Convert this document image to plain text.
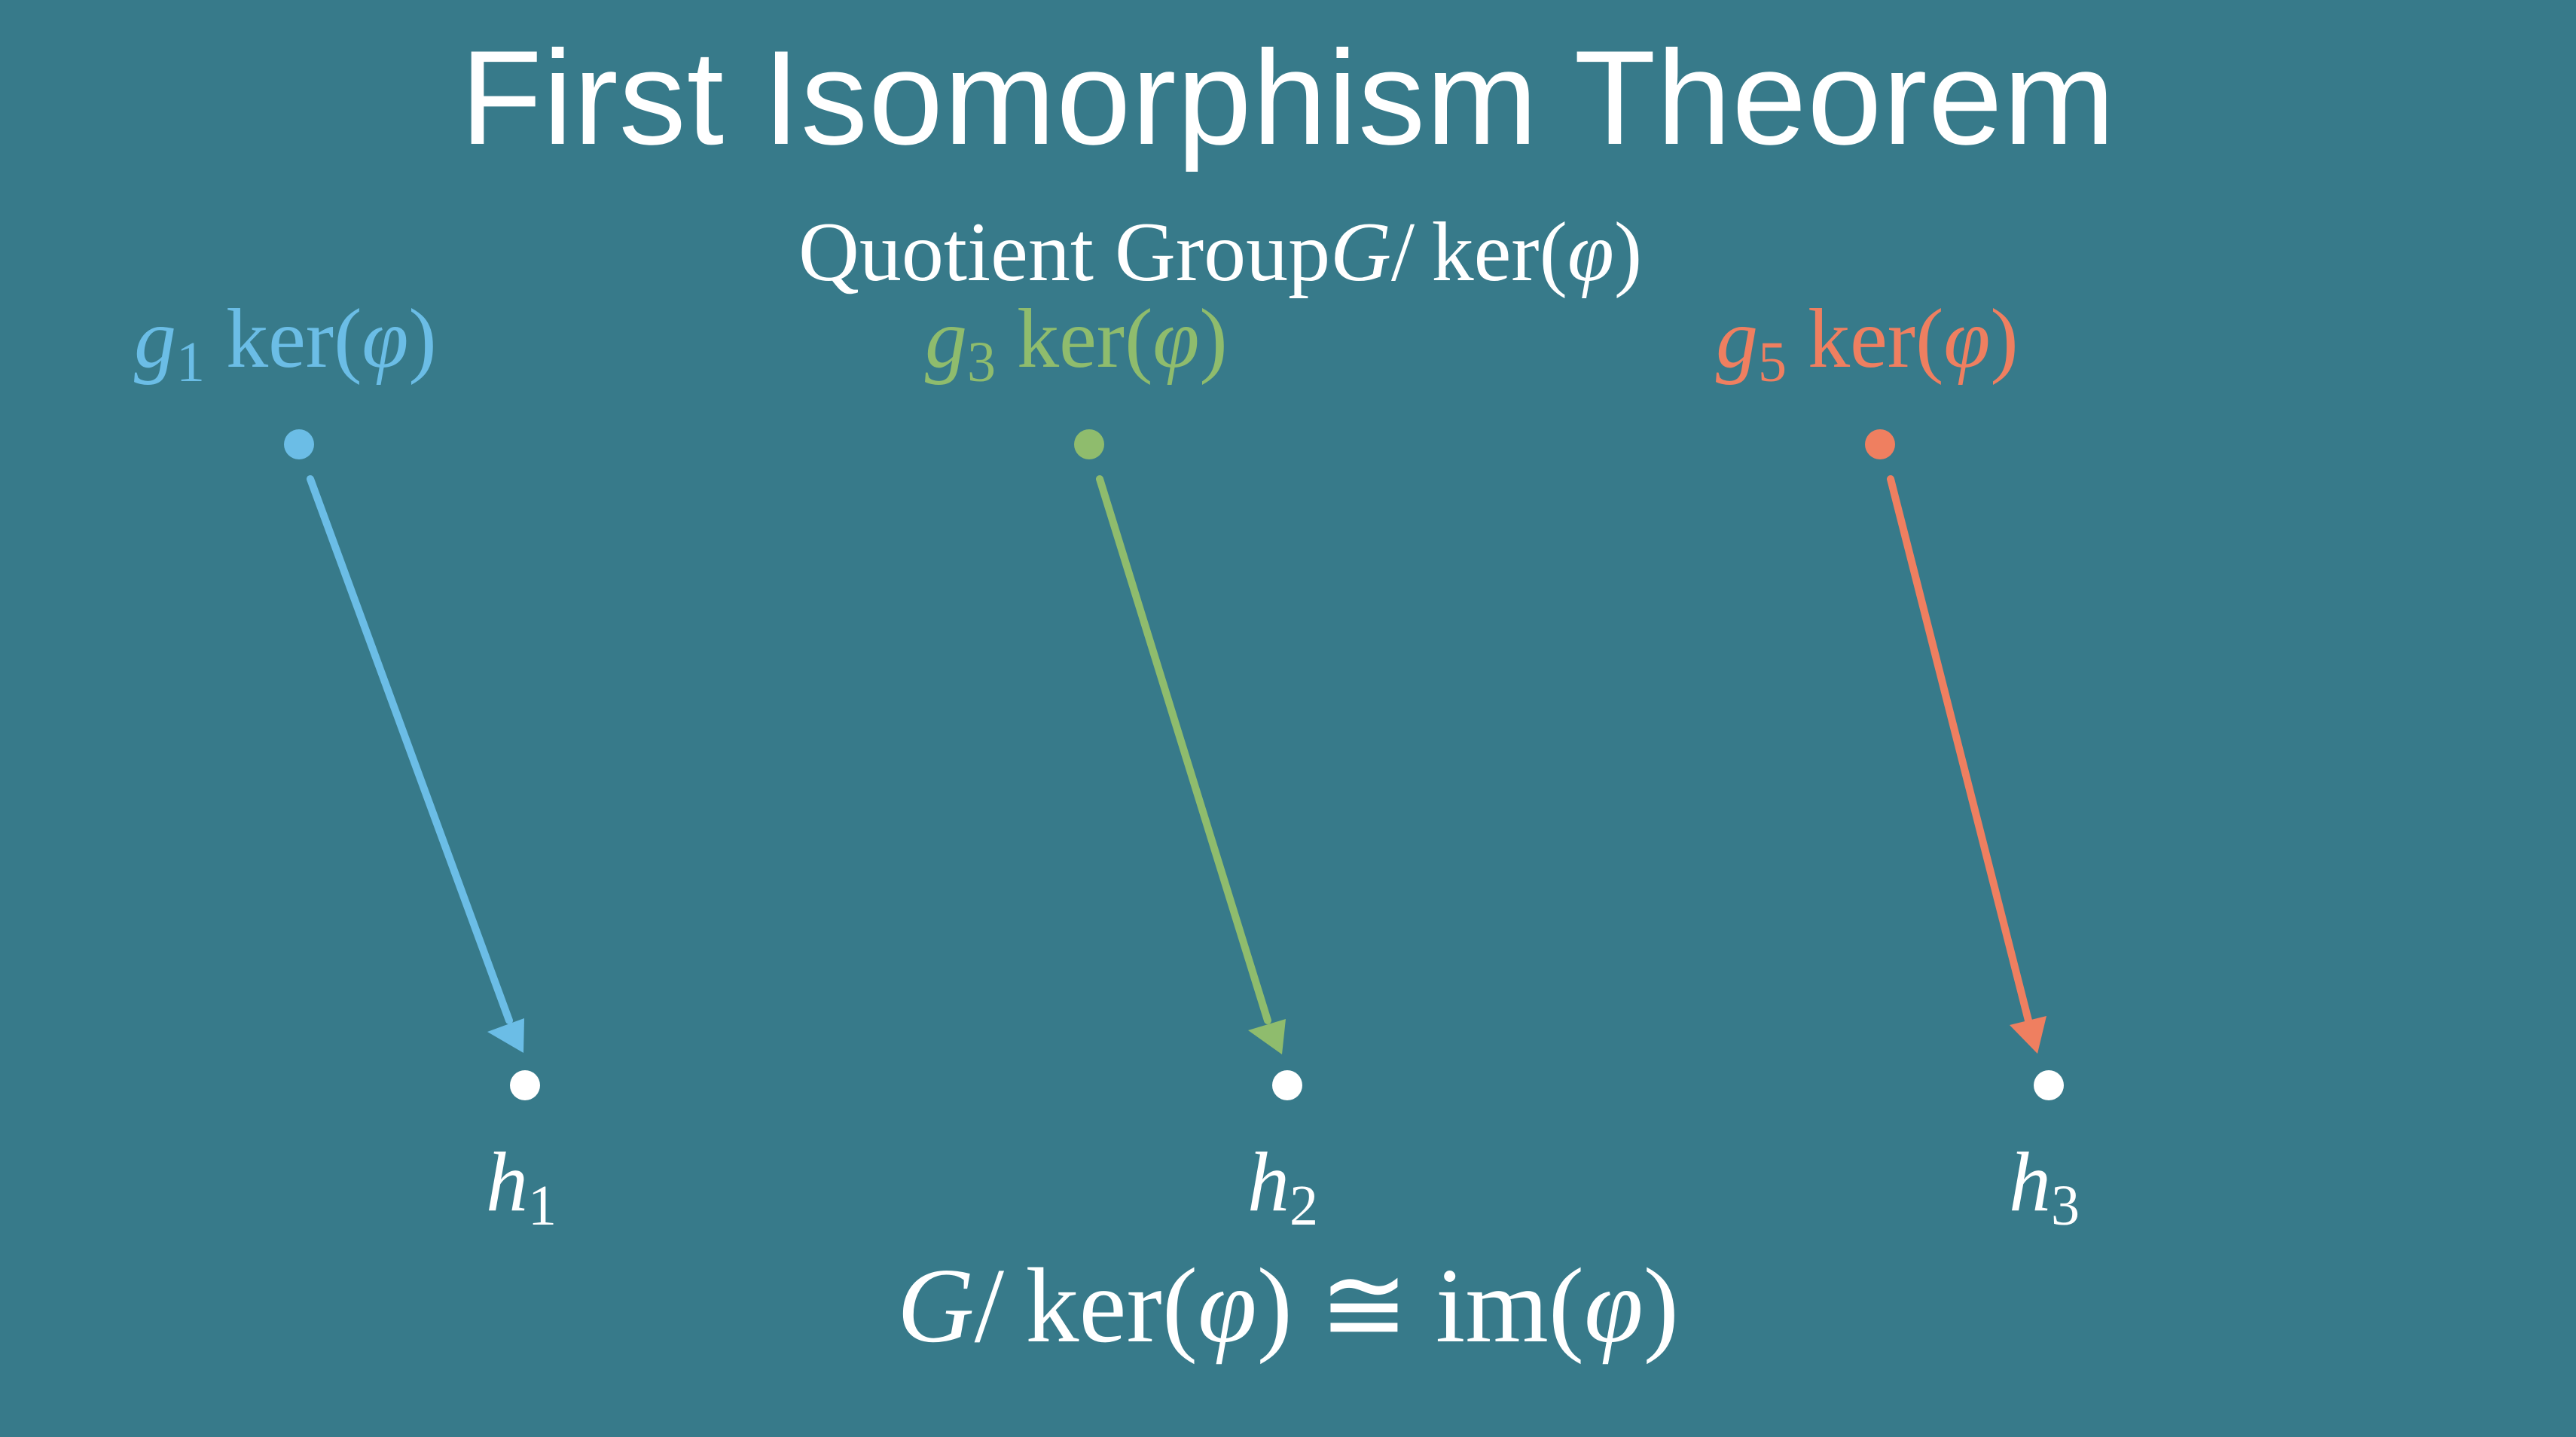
First Isomorphism Theorem
Quotient GroupG/  ker(φ)
$g_1$ ker(φ)	$g_3$ ker(φ)	$g_5$ ker(φ)
$h_1$	$h_2$	$h_3$
G/  ker(φ) ≅ im(φ)
